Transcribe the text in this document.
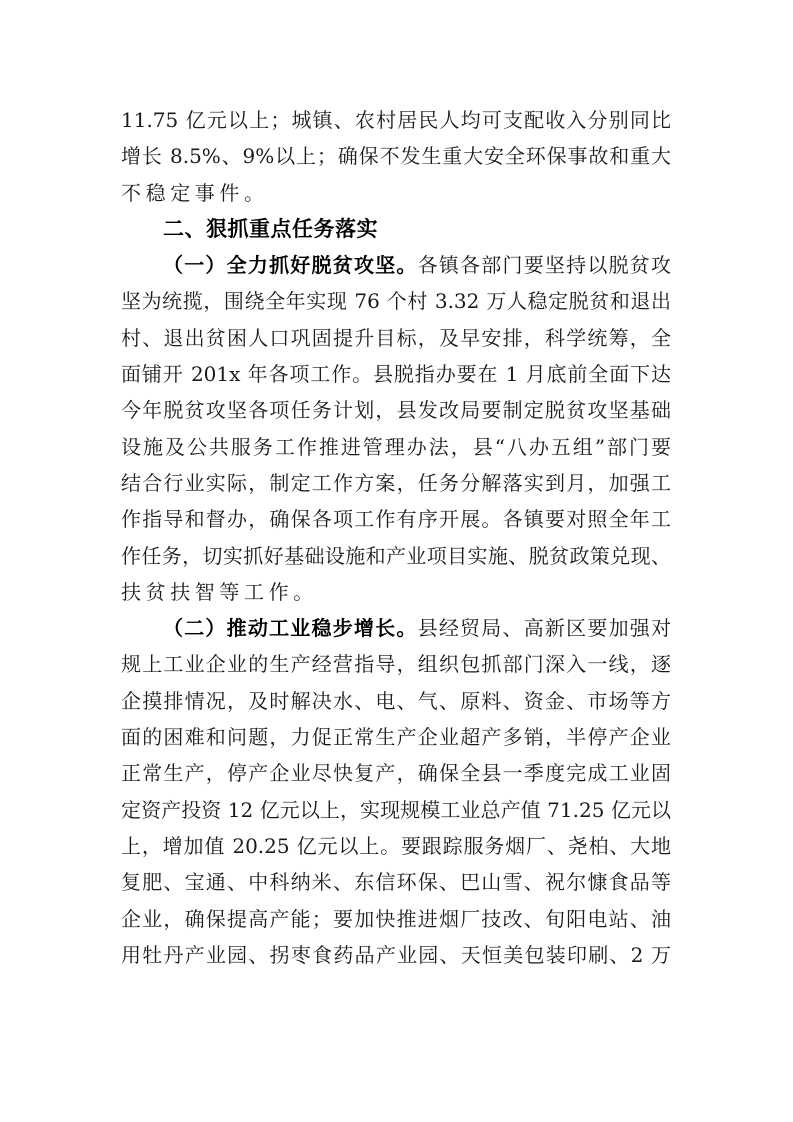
11.75 亿元以上；城镇、农村居民人均可支配收入分别同比
增长 8.5%、9%以上；确保不发生重大安全环保事故和重大
不稳定事件。
二、狠抓重点任务落实
（一）全力抓好脱贫攻坚。各镇各部门要坚持以脱贫攻
坚为统揽，围绕全年实现 76 个村 3.32 万人稳定脱贫和退出
村、退出贫困人口巩固提升目标，及早安排，科学统筹，全
面铺开 201x 年各项工作。县脱指办要在 1 月底前全面下达
今年脱贫攻坚各项任务计划，县发改局要制定脱贫攻坚基础
设施及公共服务工作推进管理办法，县“八办五组”部门要
结合行业实际，制定工作方案，任务分解落实到月，加强工
作指导和督办，确保各项工作有序开展。各镇要对照全年工
作任务，切实抓好基础设施和产业项目实施、脱贫政策兑现、
扶贫扶智等工作。
（二）推动工业稳步增长。县经贸局、高新区要加强对
规上工业企业的生产经营指导，组织包抓部门深入一线，逐
企摸排情况，及时解决水、电、气、原料、资金、市场等方
面的困难和问题，力促正常生产企业超产多销，半停产企业
正常生产，停产企业尽快复产，确保全县一季度完成工业固
定资产投资 12 亿元以上，实现规模工业总产值 71.25 亿元以
上，增加值 20.25 亿元以上。要跟踪服务烟厂、尧柏、大地
复肥、宝通、中科纳米、东信环保、巴山雪、祝尔慷食品等
企业，确保提高产能；要加快推进烟厂技改、旬阳电站、油
用牡丹产业园、拐枣食药品产业园、天恒美包装印刷、2 万
